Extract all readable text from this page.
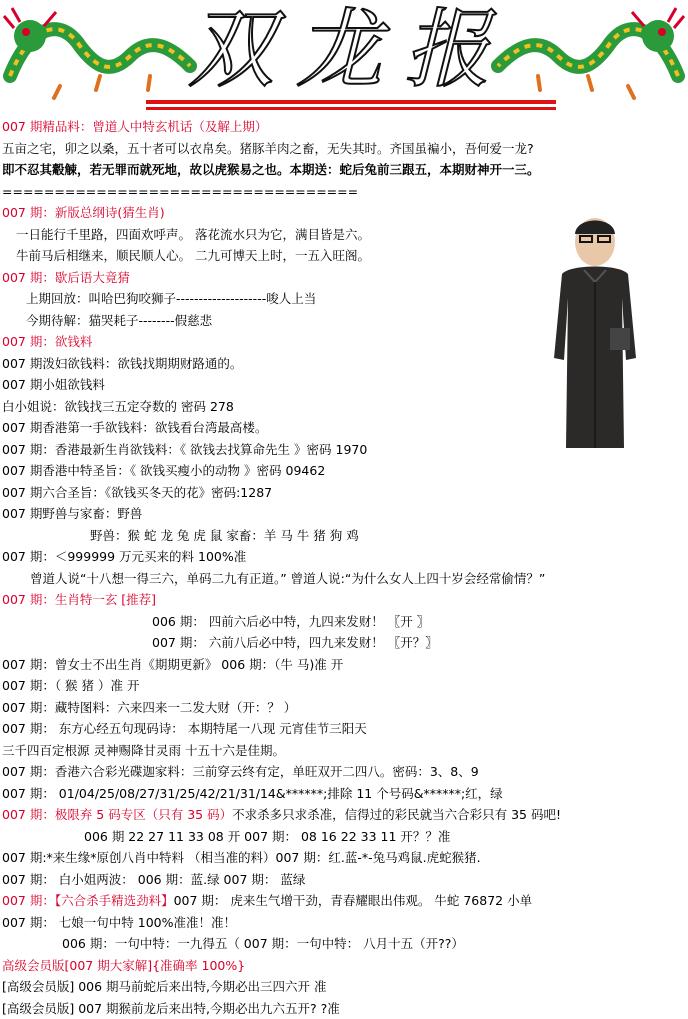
双龙报
007 期精品料：曾道人中特玄机话（及解上期）
五亩之宅，卯之以桑，五十者可以衣帛矣。猪豚羊肉之畜，无失其时。齐国虽褊小，吾何爱一龙?
即不忍其觳觫，若无罪而就死地，故以虎猴易之也。本期送：蛇后兔前三跟五，本期财神开一三。
==================================
007 期：新版总纲诗(猜生肖)
一日能行千里路，四面欢呼声。 落花流水只为它，满目皆是六。
牛前马后相继来，顺民顺人心。 二九可博天上时，一五入旺阁。
007 期：歇后语大竟猜
上期回放：叫哈巴狗咬狮子--------------------唆人上当
今期待解：猫哭耗子--------假慈悲
007 期：欲钱料
007 期泼妇欲钱料：欲钱找期期财路通的。
007 期小姐欲钱料
白小姐说：欲钱找三五定夺数的 密码 278
007 期香港第一手欲钱料：欲钱看台湾最高楼。
007 期：香港最新生肖欲钱料：《 欲钱去找算命先生 》密码 1970
007 期香港中特圣旨：《 欲钱买瘦小的动物 》密码 09462
007 期六合圣旨：《欲钱买冬天的花》密码:1287
007 期野兽与家畜：野兽
野兽：猴 蛇 龙 兔 虎 鼠 家畜：羊 马 牛 猪 狗 鸡
007 期：＜999999 万元买来的料 100%准
曾道人说“十八想一得三六，单码二九有正道。” 曾道人说:“为什么女人上四十岁会经常偷情？”
007 期：生肖特一玄 [推荐]
006 期： 四前六后必中特，九四来发财！ 〖开 〗
007 期： 六前八后必中特，四九来发财！ 〖开？〗
007 期：曾女士不出生肖《期期更新》 006 期：（牛 马)准 开
007 期：（ 猴 猪 ）准 开
007 期：藏特图料：六来四来一二发大财（开：？ ）
007 期： 东方心经五句现码诗： 本期特尾一八现 元宵佳节三阳天
三千四百定根源 灵神赐降甘灵雨 十五十六是佳期。
007 期：香港六合彩光碟迦家料：三前穿云终有定，单旺双开二四八。密码：3、8、9
007 期： 01/04/25/08/27/31/25/42/21/31/14&******;排除 11 个号码&******;红，绿
007 期：极限弃 5 码专区（只有 35 码）不求杀多只求杀准，信得过的彩民就当六合彩只有 35 码吧!
006 期 22 27 11 33 08 开 007 期： 08 16 22 33 11 开？？准
007 期:*来生缘*原创八肖中特料 （相当准的料）007 期：红.蓝-*-兔马鸡鼠.虎蛇猴猪.
007 期： 白小姐两波： 006 期：蓝.绿 007 期： 蓝绿
007 期：【六合杀手精选劲料】007 期： 虎来生气增干劲，青春耀眼出伟观。 牛蛇 76872 小单
007 期： 七娘一句中特 100%准准！准！
006 期：一句中特：一九得五（ 007 期：一句中特： 八月十五（开??）
高级会员版[007 期大家解]{准确率 100%}
[高级会员版] 006 期马前蛇后来出特,今期必出三四六开 准
[高级会员版] 007 期猴前龙后来出特,今期必出九六五开? ?准
